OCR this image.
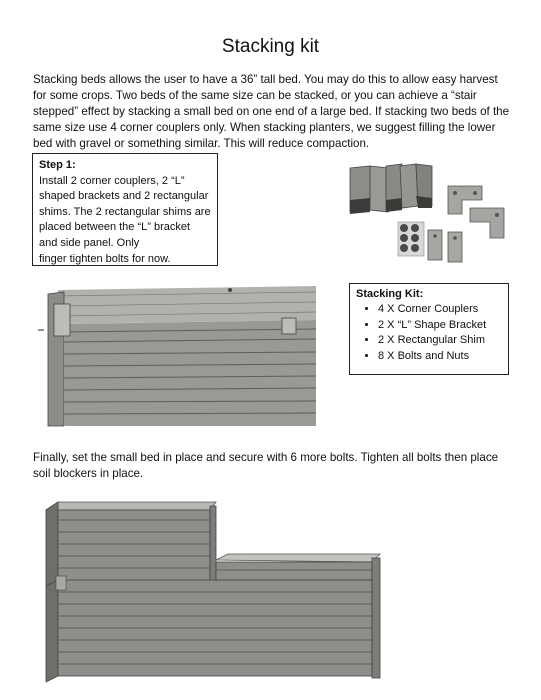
Stacking kit
Stacking beds allows the user to have a 36” tall bed. You may do this to allow easy harvest for some crops. Two beds of the same size can be stacked, or you can achieve a “stair stepped” effect by stacking a small bed on one end of a large bed. If stacking two beds of the same size use 4 corner couplers only. When stacking planters, we suggest filling the lower bed with gravel or something similar. This will reduce compaction.
Step 1:
Install 2 corner couplers, 2 “L”
shaped brackets and 2 rectangular
shims. The 2 rectangular shims are
placed between the “L” bracket
and side panel. Only
finger tighten bolts for now.
Stacking Kit:
• 4 X Corner Couplers
• 2 X “L” Shape Bracket
• 2 X Rectangular Shim
• 8 X Bolts and Nuts
Finally, set the small bed in place and secure with 6 more bolts. Tighten all bolts then place soil blockers in place.
